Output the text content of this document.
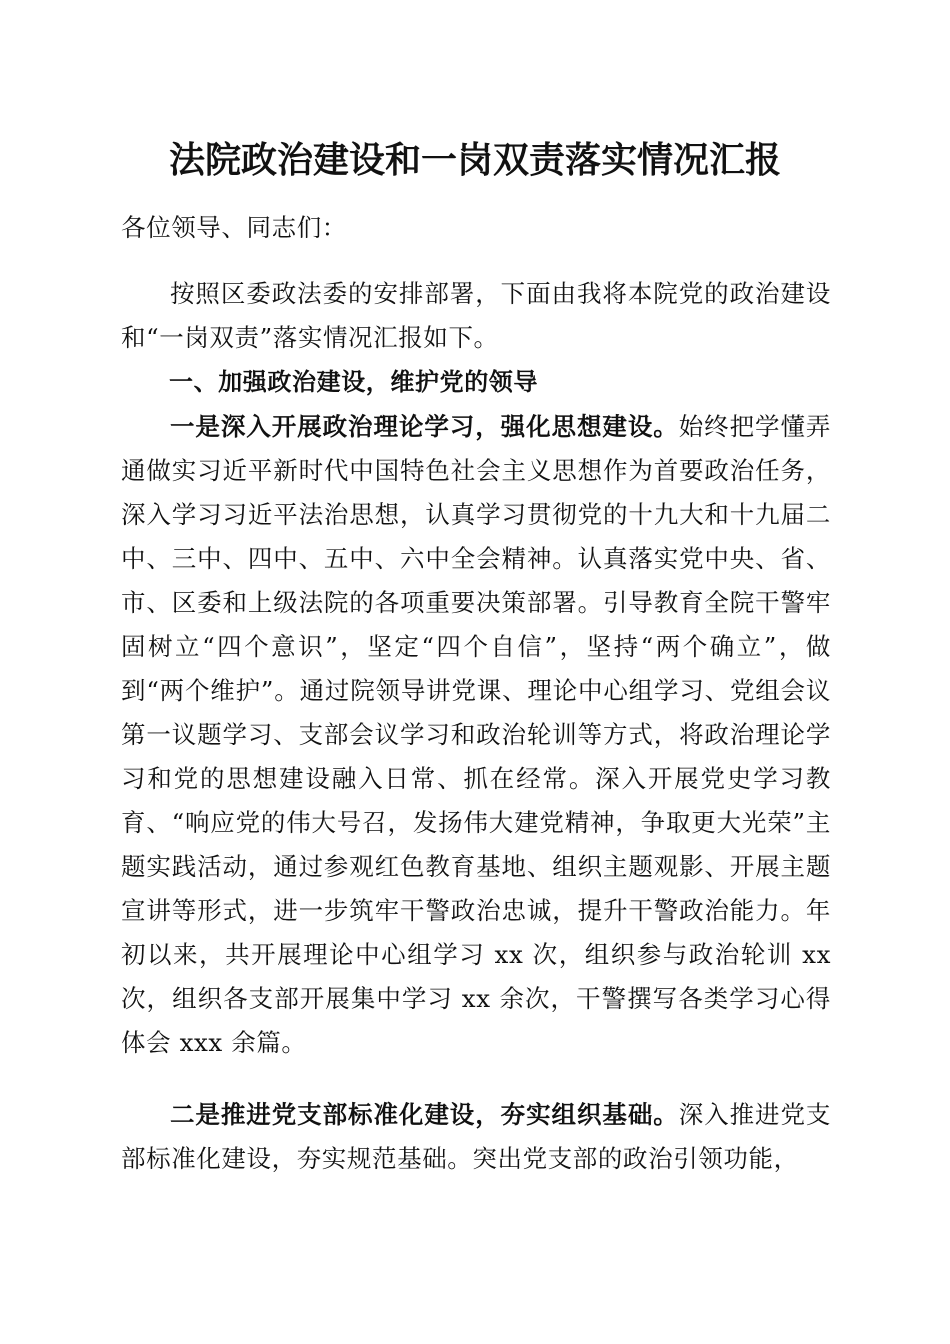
法院政治建设和一岗双责落实情况汇报
各位领导、同志们：
按照区委政法委的安排部署，下面由我将本院党的政治建设和“一岗双责”落实情况汇报如下。
一、加强政治建设，维护党的领导
一是深入开展政治理论学习，强化思想建设。始终把学懂弄通做实习近平新时代中国特色社会主义思想作为首要政治任务，深入学习习近平法治思想，认真学习贯彻党的十九大和十九届二中、三中、四中、五中、六中全会精神。认真落实党中央、省、市、区委和上级法院的各项重要决策部署。引导教育全院干警牢固树立“四个意识”，坚定“四个自信”，坚持“两个确立”，做到“两个维护”。通过院领导讲党课、理论中心组学习、党组会议第一议题学习、支部会议学习和政治轮训等方式，将政治理论学习和党的思想建设融入日常、抓在经常。深入开展党史学习教育、“响应党的伟大号召，发扬伟大建党精神，争取更大光荣”主题实践活动，通过参观红色教育基地、组织主题观影、开展主题宣讲等形式，进一步筑牢干警政治忠诚，提升干警政治能力。年初以来，共开展理论中心组学习 xx 次，组织参与政治轮训 xx 次，组织各支部开展集中学习 xx 余次，干警撰写各类学习心得体会 xxx 余篇。
二是推进党支部标准化建设，夯实组织基础。深入推进党支部标准化建设，夯实规范基础。突出党支部的政治引领功能，
